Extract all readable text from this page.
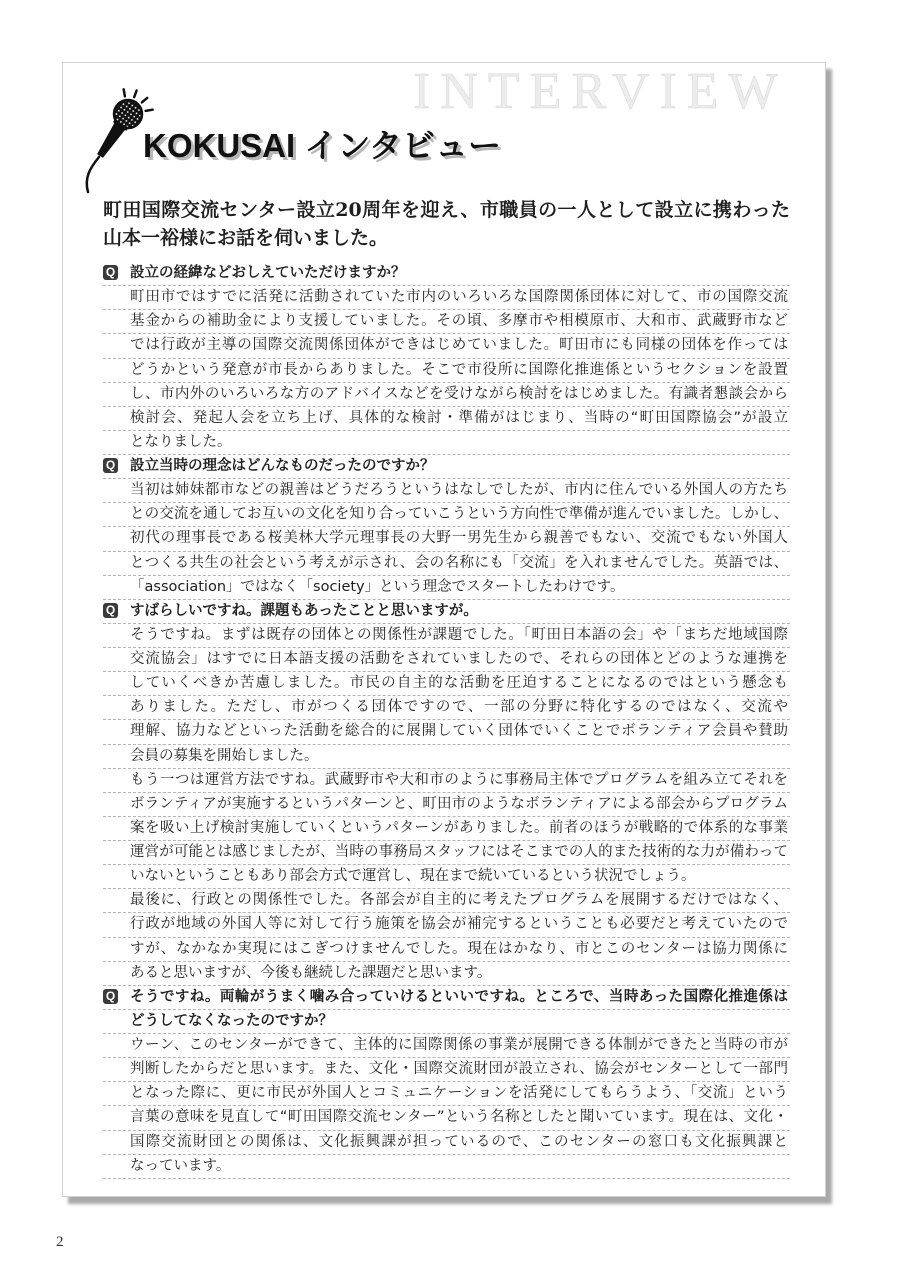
INTERVIEW
KOKUSAI インタビュー
町田国際交流センター設立20周年を迎え、市職員の一人として設立に携わった
山本一裕様にお話を伺いました。
Q 設立の経緯などおしえていただけますか？
町田市ではすでに活発に活動されていた市内のいろいろな国際関係団体に対して、市の国際交流
基金からの補助金により支援していました。その頃、多摩市や相模原市、大和市、武蔵野市など
では行政が主導の国際交流関係団体ができはじめていました。町田市にも同様の団体を作っては
どうかという発意が市長からありました。そこで市役所に国際化推進係というセクションを設置
し、市内外のいろいろな方のアドバイスなどを受けながら検討をはじめました。有識者懇談会から
検討会、発起人会を立ち上げ、具体的な検討・準備がはじまり、当時の“町田国際協会”が設立
となりました。
Q 設立当時の理念はどんなものだったのですか？
当初は姉妹都市などの親善はどうだろうというはなしでしたが、市内に住んでいる外国人の方たち
との交流を通してお互いの文化を知り合っていこうという方向性で準備が進んでいました。しかし、
初代の理事長である桜美林大学元理事長の大野一男先生から親善でもない、交流でもない外国人
とつくる共生の社会という考えが示され、会の名称にも「交流」を入れませんでした。英語では、
「association」ではなく「society」という理念でスタートしたわけです。
Q すばらしいですね。課題もあったことと思いますが。
そうですね。まずは既存の団体との関係性が課題でした。「町田日本語の会」や「まちだ地域国際
交流協会」はすでに日本語支援の活動をされていましたので、それらの団体とどのような連携を
していくべきか苦慮しました。市民の自主的な活動を圧迫することになるのではという懸念も
ありました。ただし、市がつくる団体ですので、一部の分野に特化するのではなく、交流や
理解、協力などといった活動を総合的に展開していく団体でいくことでボランティア会員や賛助
会員の募集を開始しました。
もう一つは運営方法ですね。武蔵野市や大和市のように事務局主体でプログラムを組み立てそれを
ボランティアが実施するというパターンと、町田市のようなボランティアによる部会からプログラム
案を吸い上げ検討実施していくというパターンがありました。前者のほうが戦略的で体系的な事業
運営が可能とは感じましたが、当時の事務局スタッフにはそこまでの人的また技術的な力が備わって
いないということもあり部会方式で運営し、現在まで続いているという状況でしょう。
最後に、行政との関係性でした。各部会が自主的に考えたプログラムを展開するだけではなく、
行政が地域の外国人等に対して行う施策を協会が補完するということも必要だと考えていたので
すが、なかなか実現にはこぎつけませんでした。現在はかなり、市とこのセンターは協力関係に
あると思いますが、今後も継続した課題だと思います。
Q そうですね。両輪がうまく噛み合っていけるといいですね。ところで、当時あった国際化推進係は
どうしてなくなったのですか？
ウーン、このセンターができて、主体的に国際関係の事業が展開できる体制ができたと当時の市が
判断したからだと思います。また、文化・国際交流財団が設立され、協会がセンターとして一部門
となった際に、更に市民が外国人とコミュニケーションを活発にしてもらうよう、「交流」という
言葉の意味を見直して“町田国際交流センター”という名称としたと聞いています。現在は、文化・
国際交流財団との関係は、文化振興課が担っているので、このセンターの窓口も文化振興課と
なっています。
2
